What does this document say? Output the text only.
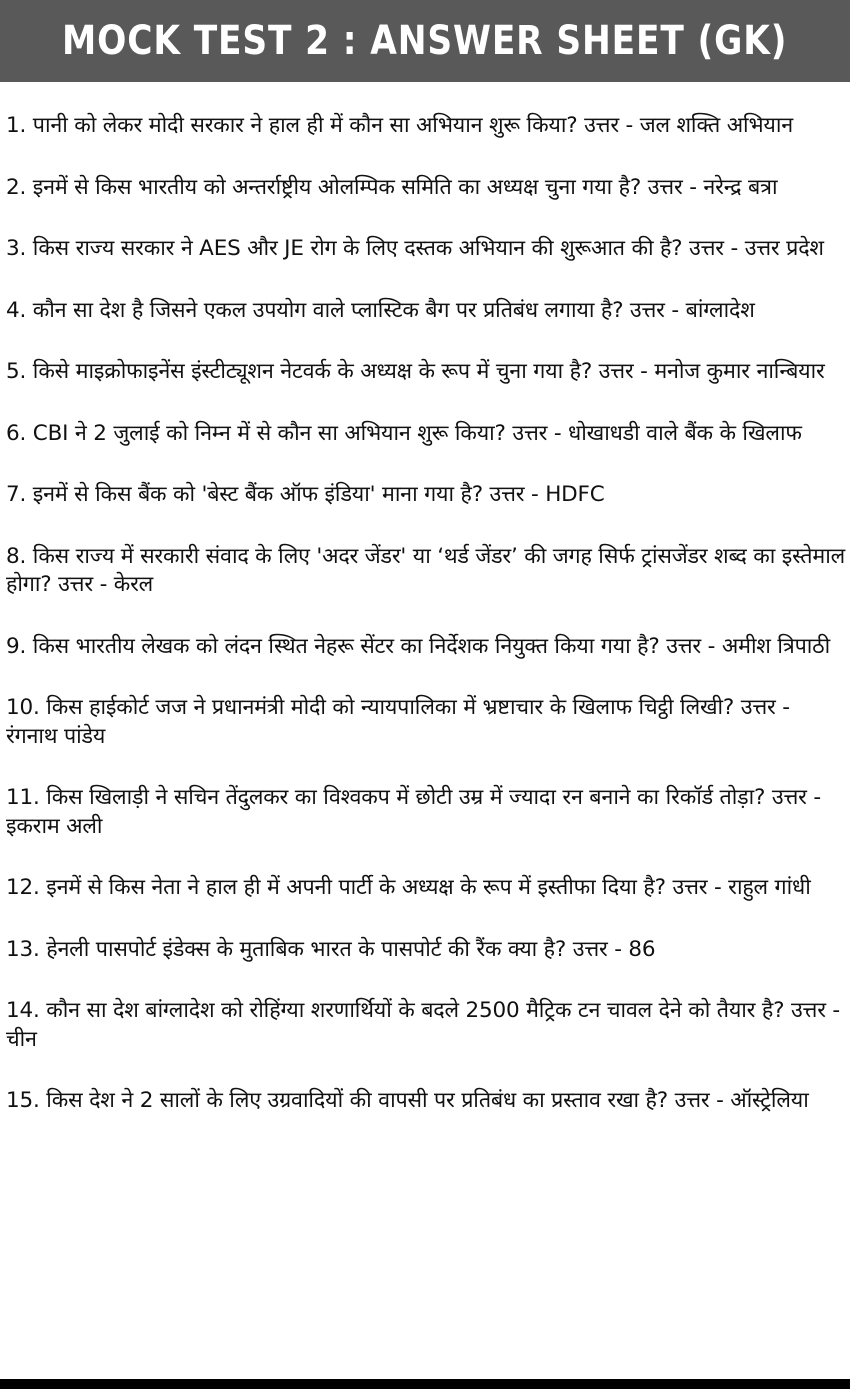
MOCK TEST 2 : ANSWER SHEET (GK)

1. पानी को लेकर मोदी सरकार ने हाल ही में कौन सा अभियान शुरू किया? उत्तर - जल शक्ति अभियान

2. इनमें से किस भारतीय को अन्तर्राष्ट्रीय ओलम्पिक समिति का अध्यक्ष चुना गया है? उत्तर - नरेन्द्र बत्रा

3. किस राज्य सरकार ने AES और JE रोग के लिए दस्तक अभियान की शुरूआत की है? उत्तर - उत्तर प्रदेश

4. कौन सा देश है जिसने एकल उपयोग वाले प्लास्टिक बैग पर प्रतिबंध लगाया है? उत्तर - बांग्लादेश

5. किसे माइक्रोफाइनेंस इंस्टीट्यूशन नेटवर्क के अध्यक्ष के रूप में चुना गया है? उत्तर - मनोज कुमार नान्बियार

6. CBI ने 2 जुलाई को निम्न में से कौन सा अभियान शुरू किया? उत्तर - धोखाधडी वाले बैंक के खिलाफ

7. इनमें से किस बैंक को 'बेस्ट बैंक ऑफ इंडिया' माना गया है? उत्तर - HDFC

8. किस राज्य में सरकारी संवाद के लिए 'अदर जेंडर' या ‘थर्ड जेंडर’ की जगह सिर्फ ट्रांसजेंडर शब्द का इस्तेमाल होगा? उत्तर - केरल

9. किस भारतीय लेखक को लंदन स्थित नेहरू सेंटर का निर्देशक नियुक्त किया गया है? उत्तर - अमीश त्रिपाठी

10. किस हाईकोर्ट जज ने प्रधानमंत्री मोदी को न्यायपालिका में भ्रष्टाचार के खिलाफ चिट्ठी लिखी? उत्तर - रंगनाथ पांडेय

11. किस खिलाड़ी ने सचिन तेंदुलकर का विश्वकप में छोटी उम्र में ज्यादा रन बनाने का रिकॉर्ड तोड़ा? उत्तर - इकराम अली

12. इनमें से किस नेता ने हाल ही में अपनी पार्टी के अध्यक्ष के रूप में इस्तीफा दिया है? उत्तर - राहुल गांधी

13. हेनली पासपोर्ट इंडेक्स के मुताबिक भारत के पासपोर्ट की रैंक क्या है? उत्तर - 86

14. कौन सा देश बांग्लादेश को रोहिंग्या शरणार्थियों के बदले 2500 मैट्रिक टन चावल देने को तैयार है? उत्तर - चीन

15. किस देश ने 2 सालों के लिए उग्रवादियों की वापसी पर प्रतिबंध का प्रस्ताव रखा है? उत्तर - ऑस्ट्रेलिया
